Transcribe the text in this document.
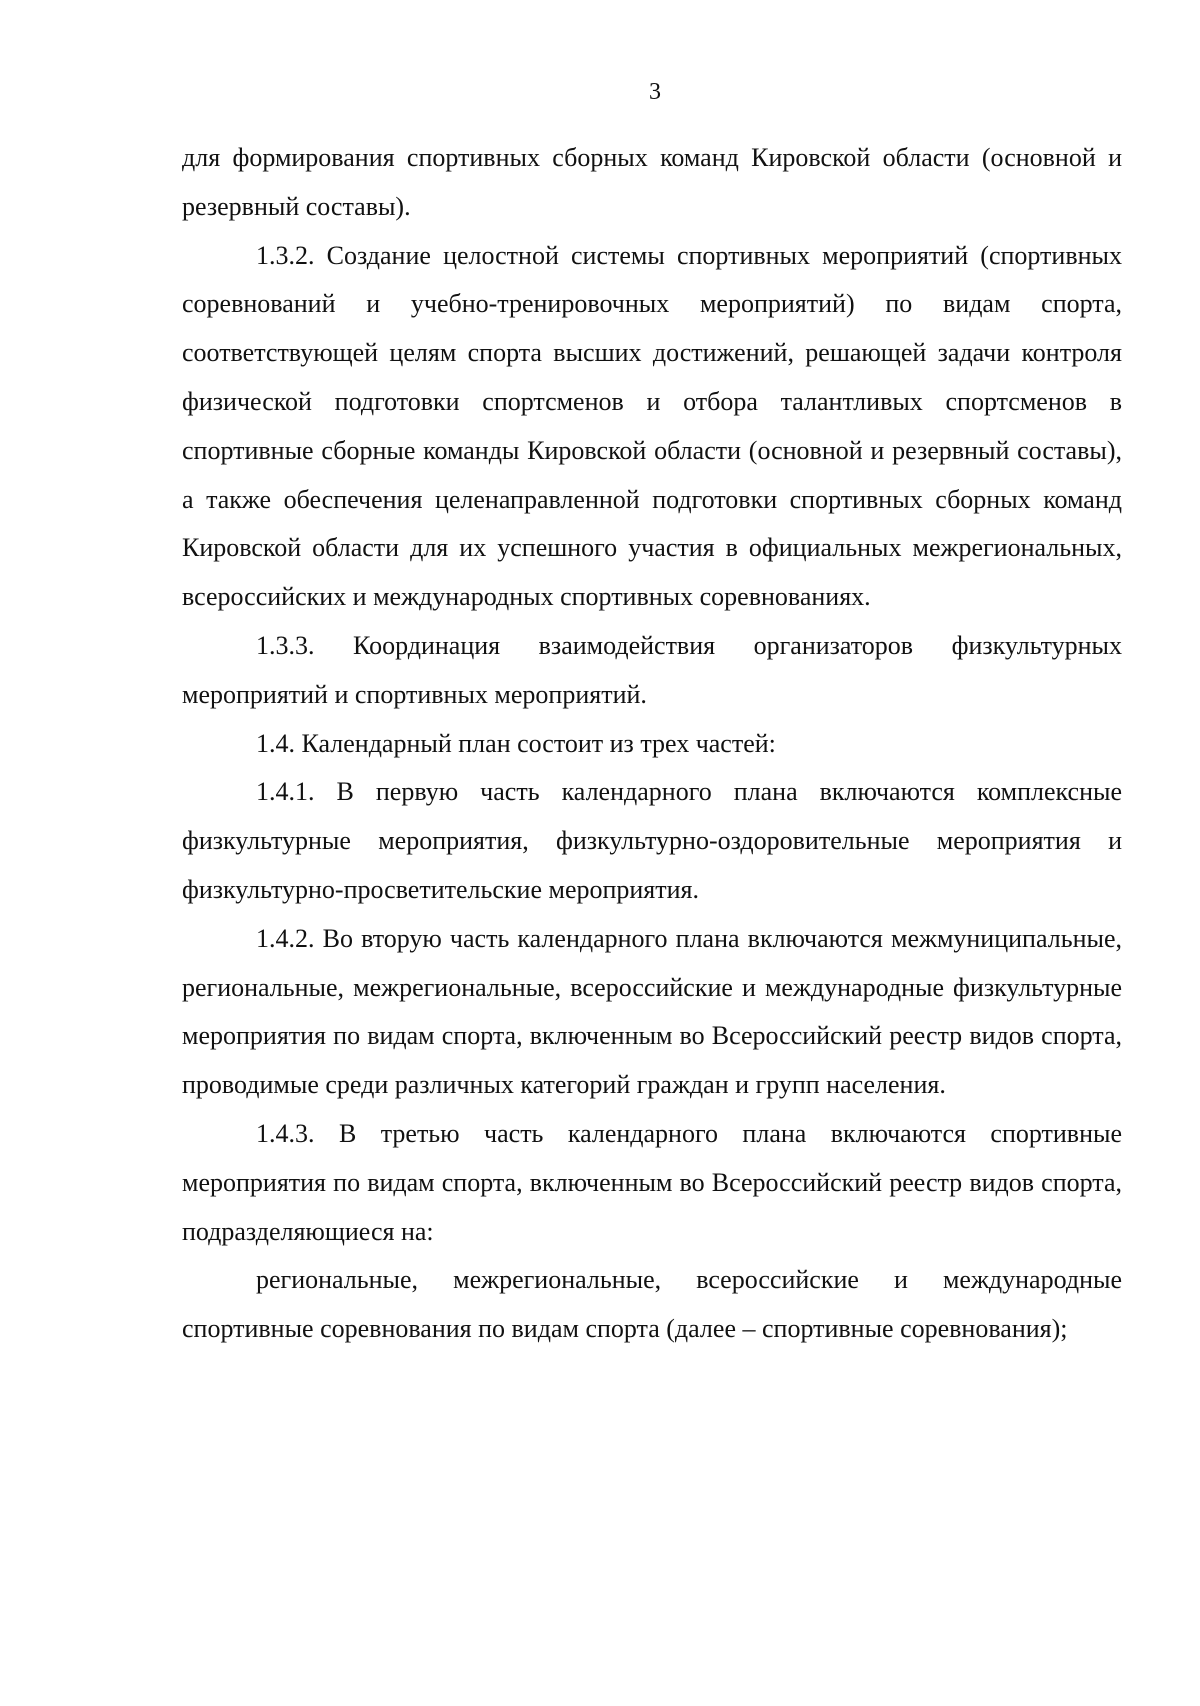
3

для формирования спортивных сборных команд Кировской области (основной и резервный составы).

1.3.2. Создание целостной системы спортивных мероприятий (спортивных соревнований и учебно-тренировочных мероприятий) по видам спорта, соответствующей целям спорта высших достижений, решающей задачи контроля физической подготовки спортсменов и отбора талантливых спортсменов в спортивные сборные команды Кировской области (основной и резервный составы), а также обеспечения целенаправленной подготовки спортивных сборных команд Кировской области для их успешного участия в официальных межрегиональных, всероссийских и международных спортивных соревнованиях.

1.3.3. Координация взаимодействия организаторов физкультурных мероприятий и спортивных мероприятий.

1.4. Календарный план состоит из трех частей:

1.4.1. В первую часть календарного плана включаются комплексные физкультурные мероприятия, физкультурно-оздоровительные мероприятия и физкультурно-просветительские мероприятия.

1.4.2. Во вторую часть календарного плана включаются межмуниципальные, региональные, межрегиональные, всероссийские и международные физкультурные мероприятия по видам спорта, включенным во Всероссийский реестр видов спорта, проводимые среди различных категорий граждан и групп населения.

1.4.3. В третью часть календарного плана включаются спортивные мероприятия по видам спорта, включенным во Всероссийский реестр видов спорта, подразделяющиеся на:

региональные, межрегиональные, всероссийские и международные спортивные соревнования по видам спорта (далее – спортивные соревнования);
